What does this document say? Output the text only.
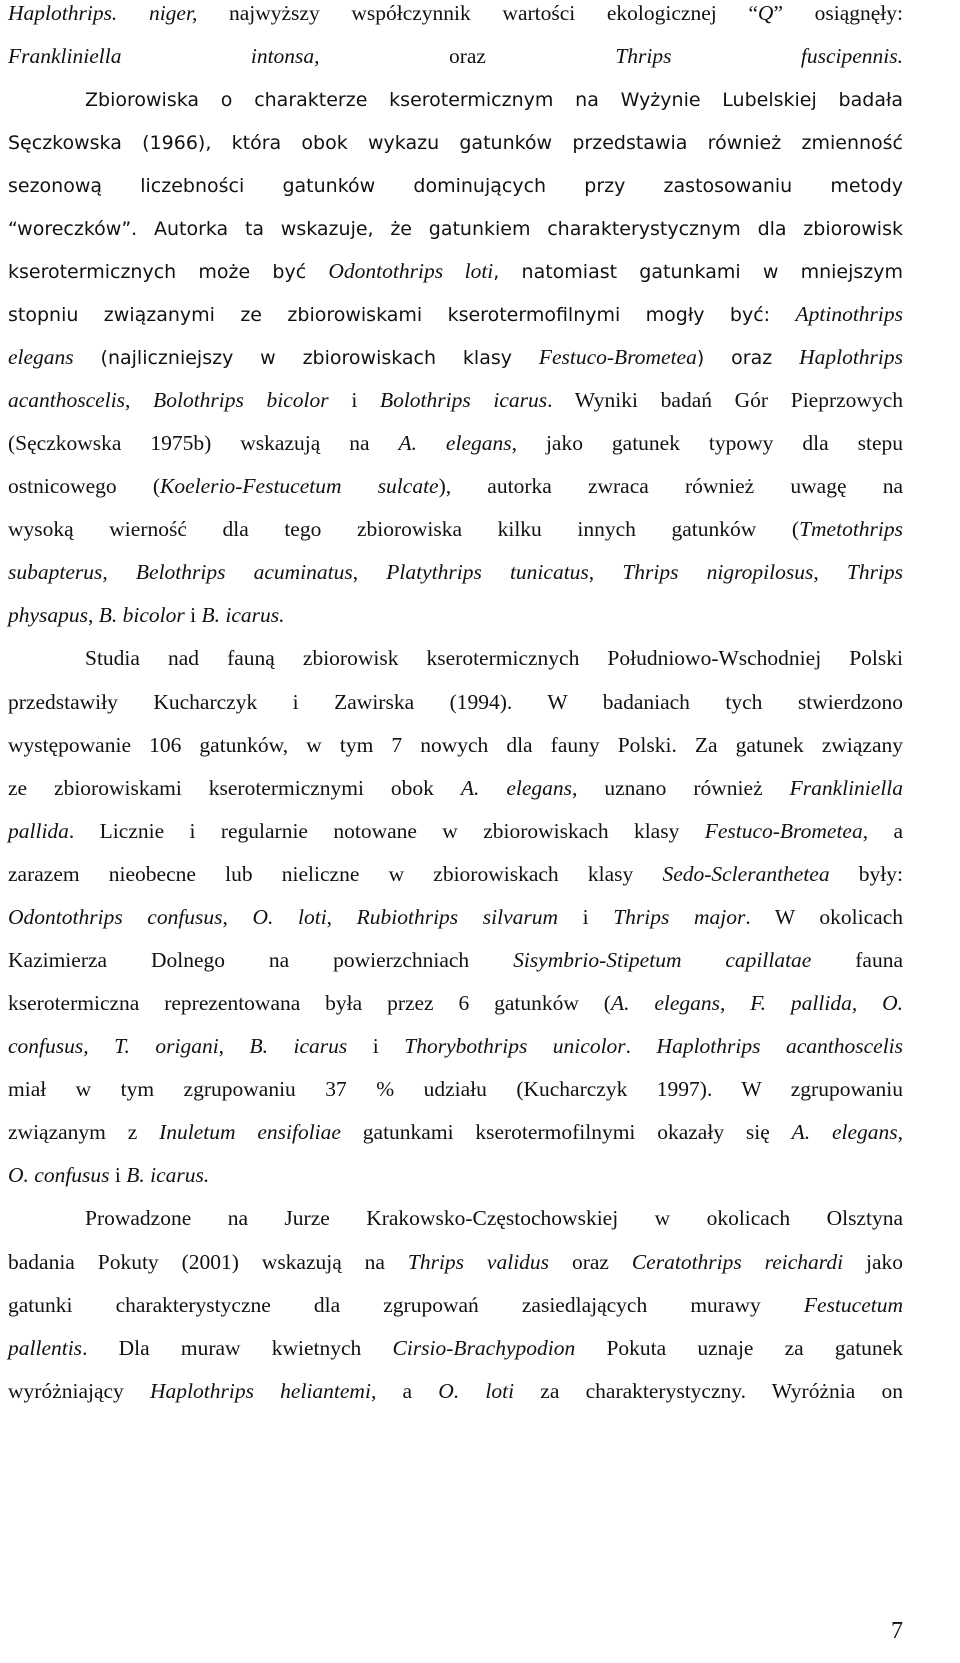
Haplothrips. niger, najwyższy współczynnik wartości ekologicznej “Q” osiągnęły:
Frankliniella intonsa, oraz Thrips fuscipennis.
Zbiorowiska o charakterze kserotermicznym na Wyżynie Lubelskiej badała
Sęczkowska (1966), która obok wykazu gatunków przedstawia również zmienność
sezonową liczebności gatunków dominujących przy zastosowaniu metody
“woreczków”. Autorka ta wskazuje, że gatunkiem charakterystycznym dla zbiorowisk
kserotermicznych może być Odontothrips loti, natomiast gatunkami w mniejszym
stopniu związanymi ze zbiorowiskami kserotermofilnymi mogły być: Aptinothrips
elegans (najliczniejszy w zbiorowiskach klasy Festuco-Brometea) oraz Haplothrips
acanthoscelis, Bolothrips bicolor i Bolothrips icarus. Wyniki badań Gór Pieprzowych
(Sęczkowska 1975b) wskazują na A. elegans, jako gatunek typowy dla stepu
ostnicowego (Koelerio-Festucetum sulcate), autorka zwraca również uwagę na
wysoką wierność dla tego zbiorowiska kilku innych gatunków (Tmetothrips
subapterus, Belothrips acuminatus, Platythrips tunicatus, Thrips nigropilosus, Thrips
physapus, B. bicolor i B. icarus.
Studia nad fauną zbiorowisk kserotermicznych Południowo-Wschodniej Polski
przedstawiły Kucharczyk i Zawirska (1994). W badaniach tych stwierdzono
występowanie 106 gatunków, w tym 7 nowych dla fauny Polski. Za gatunek związany
ze zbiorowiskami kserotermicznymi obok A. elegans, uznano również Frankliniella
pallida. Licznie i regularnie notowane w zbiorowiskach klasy Festuco-Brometea, a
zarazem nieobecne lub nieliczne w zbiorowiskach klasy Sedo-Scleranthetea były:
Odontothrips confusus, O. loti, Rubiothrips silvarum i Thrips major. W okolicach
Kazimierza Dolnego na powierzchniach Sisymbrio-Stipetum capillatae fauna
kserotermiczna reprezentowana była przez 6 gatunków (A. elegans, F. pallida, O.
confusus, T. origani, B. icarus i Thorybothrips unicolor. Haplothrips acanthoscelis
miał w tym zgrupowaniu 37 % udziału (Kucharczyk 1997). W zgrupowaniu
związanym z Inuletum ensifoliae gatunkami kserotermofilnymi okazały się A. elegans,
O. confusus i B. icarus.
Prowadzone na Jurze Krakowsko-Częstochowskiej w okolicach Olsztyna
badania Pokuty (2001) wskazują na Thrips validus oraz Ceratothrips reichardi jako
gatunki charakterystyczne dla zgrupowań zasiedlających murawy Festucetum
pallentis. Dla muraw kwietnych Cirsio-Brachypodion Pokuta uznaje za gatunek
wyróżniający Haplothrips heliantemi, a O. loti za charakterystyczny. Wyróżnia on
7
